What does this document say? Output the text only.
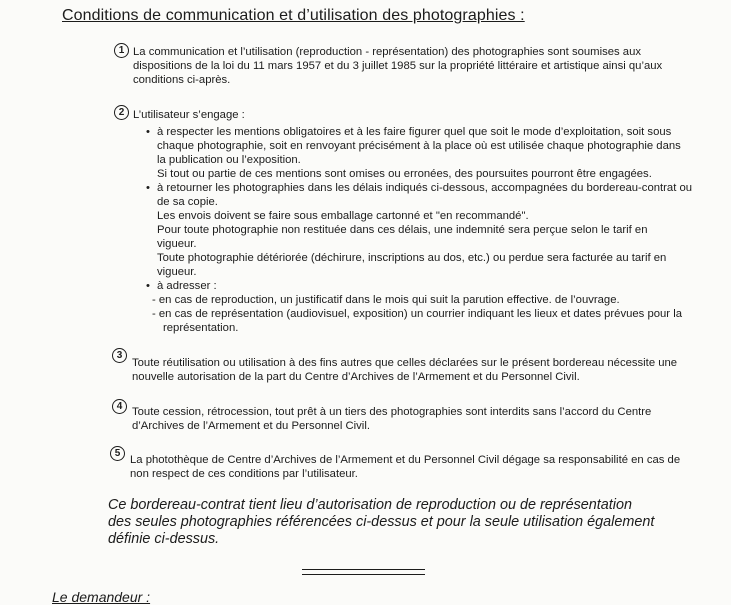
Conditions de communication et d’utilisation des photographies :
1 La communication et l’utilisation (reproduction - représentation) des photographies sont soumises aux
dispositions de la loi du 11 mars 1957 et du 3 juillet 1985 sur la propriété littéraire et artistique ainsi qu’aux
conditions ci-après.
2 L’utilisateur s’engage :
• à respecter les mentions obligatoires et à les faire figurer quel que soit le mode d’exploitation, soit sous
chaque photographie, soit en renvoyant précisément à la place où est utilisée chaque photographie dans
la publication ou l’exposition.
Si tout ou partie de ces mentions sont omises ou erronées, des poursuites pourront être engagées.
• à retourner les photographies dans les délais indiqués ci-dessous, accompagnées du bordereau-contrat ou
de sa copie.
Les envois doivent se faire sous emballage cartonné et "en recommandé".
Pour toute photographie non restituée dans ces délais, une indemnité sera perçue selon le tarif en
vigueur.
Toute photographie détériorée (déchirure, inscriptions au dos, etc.) ou perdue sera facturée au tarif en
vigueur.
• à adresser :
- en cas de reproduction, un justificatif dans le mois qui suit la parution effective. de l’ouvrage.
- en cas de représentation (audiovisuel, exposition) un courrier indiquant les lieux et dates prévues pour la
représentation.
3
Toute réutilisation ou utilisation à des fins autres que celles déclarées sur le présent bordereau nécessite une
nouvelle autorisation de la part du Centre d’Archives de l’Armement et du Personnel Civil.
4 Toute cession, rétrocession, tout prêt à un tiers des photographies sont interdits sans l’accord du Centre
d’Archives de l’Armement et du Personnel Civil.
5
La photothèque de Centre d’Archives de l’Armement et du Personnel Civil dégage sa responsabilité en cas de
non respect de ces conditions par l’utilisateur.
Ce bordereau-contrat tient lieu d’autorisation de reproduction ou de représentation
des seules photographies référencées ci-dessus et pour la seule utilisation également
définie ci-dessus.
Le demandeur :
